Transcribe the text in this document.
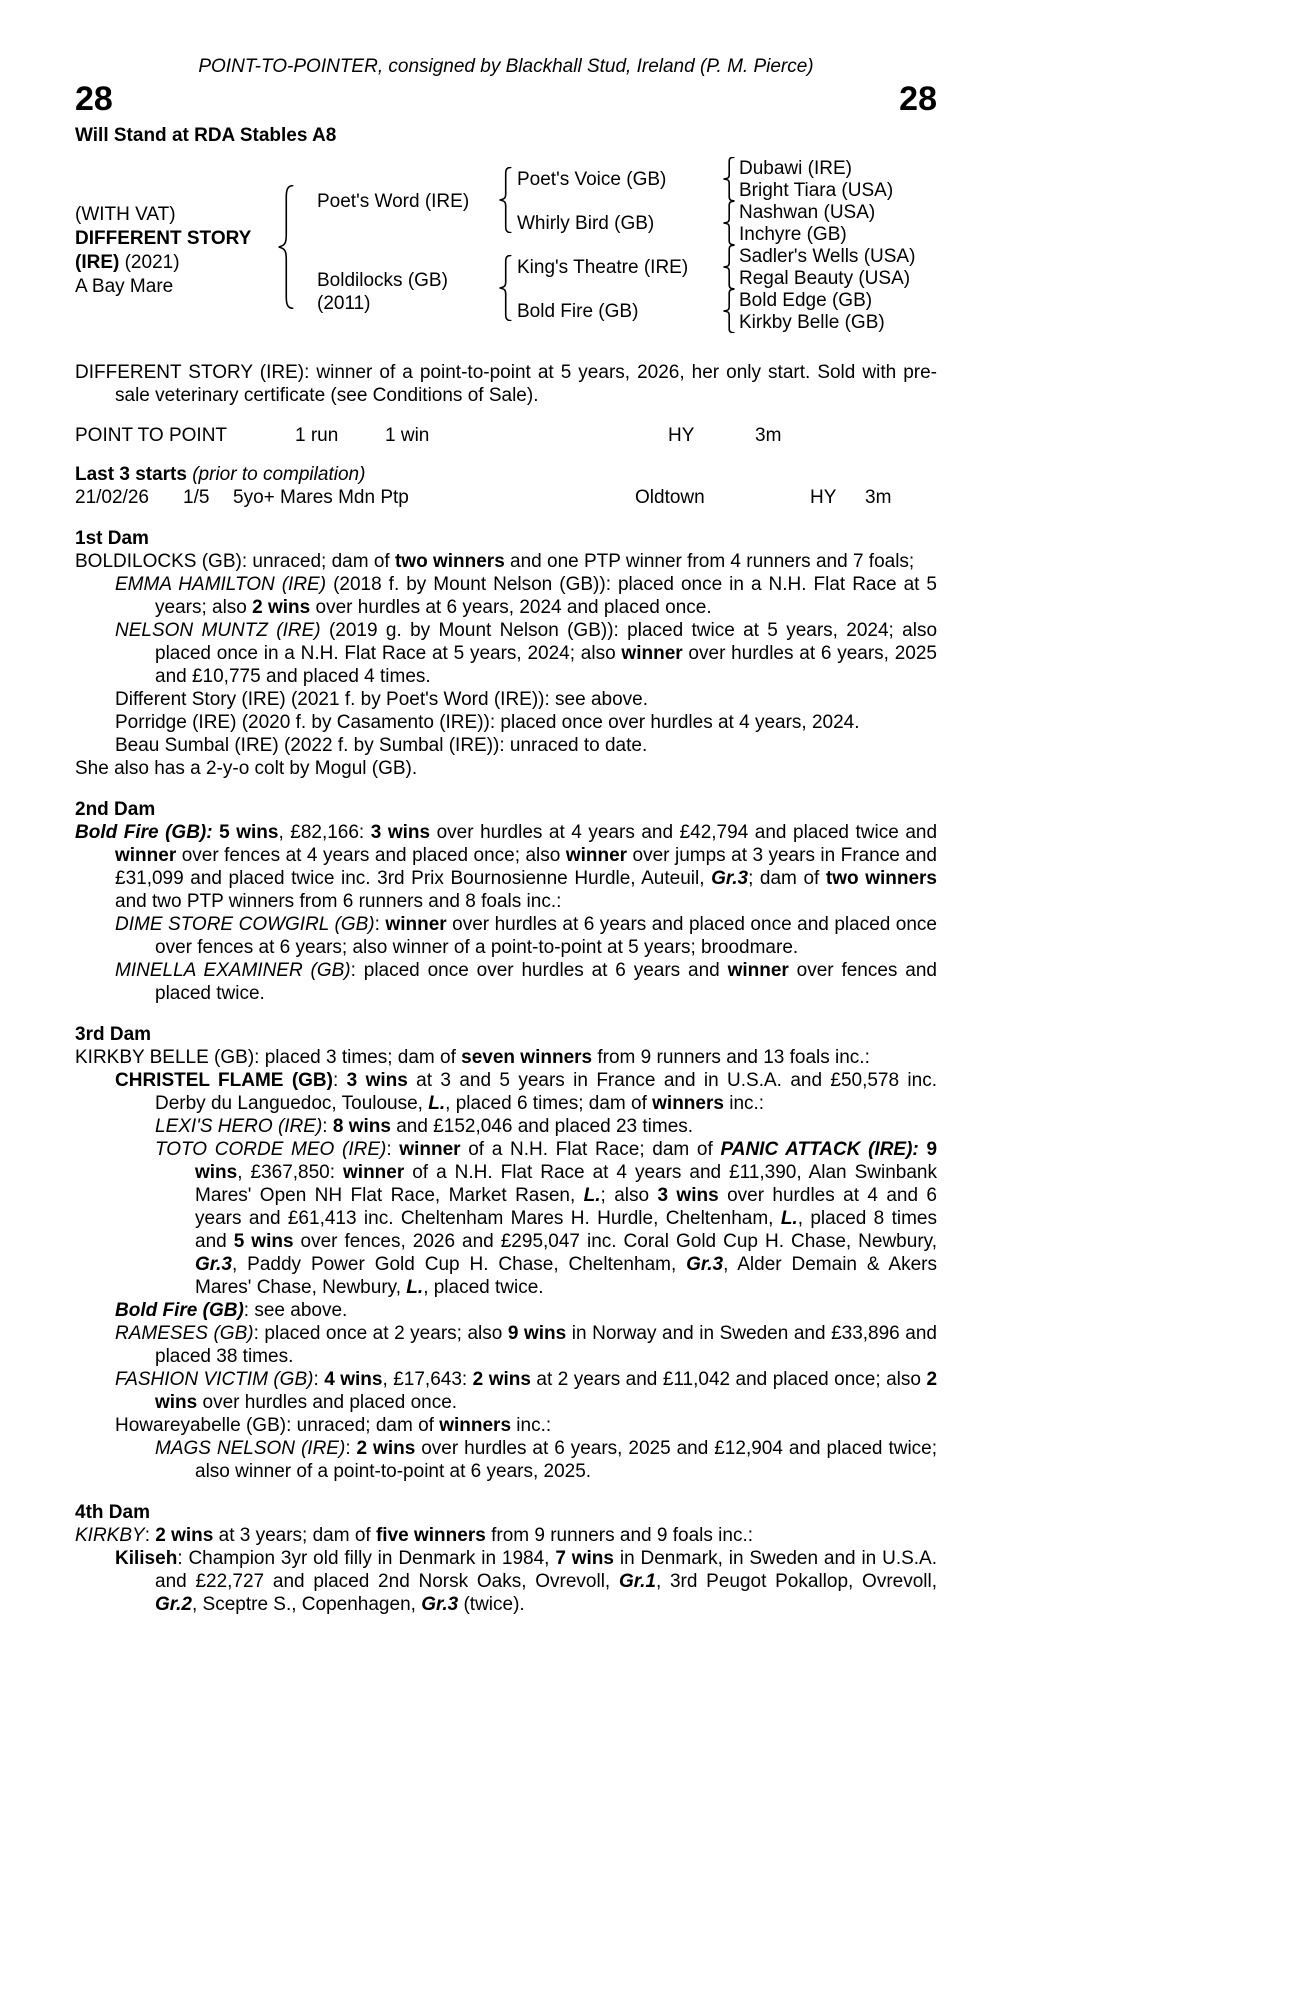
POINT-TO-POINTER, consigned by Blackhall Stud, Ireland (P. M. Pierce)
28	28
Will Stand at RDA Stables A8
(WITH VAT)
DIFFERENT STORY
(IRE) (2021)
A Bay Mare
Poet's Word (IRE)
Boldilocks (GB)
(2011)
Poet's Voice (GB)
Whirly Bird (GB)
King's Theatre (IRE)
Bold Fire (GB)
Dubawi (IRE)
Bright Tiara (USA)
Nashwan (USA)
Inchyre (GB)
Sadler's Wells (USA)
Regal Beauty (USA)
Bold Edge (GB)
Kirkby Belle (GB)
DIFFERENT STORY (IRE): winner of a point-to-point at 5 years, 2026, her only start. Sold with pre-sale veterinary certificate (see Conditions of Sale).
POINT TO POINT	1 run 1 win	HY	3m
Last 3 starts (prior to compilation)
21/02/26 1/5 5yo+ Mares Mdn Ptp	Oldtown	HY 3m
1st Dam
BOLDILOCKS (GB): unraced; dam of two winners and one PTP winner from 4 runners and 7 foals;
EMMA HAMILTON (IRE) (2018 f. by Mount Nelson (GB)): placed once in a N.H. Flat Race at 5 years; also 2 wins over hurdles at 6 years, 2024 and placed once.
NELSON MUNTZ (IRE) (2019 g. by Mount Nelson (GB)): placed twice at 5 years, 2024; also placed once in a N.H. Flat Race at 5 years, 2024; also winner over hurdles at 6 years, 2025 and £10,775 and placed 4 times.
Different Story (IRE) (2021 f. by Poet's Word (IRE)): see above.
Porridge (IRE) (2020 f. by Casamento (IRE)): placed once over hurdles at 4 years, 2024.
Beau Sumbal (IRE) (2022 f. by Sumbal (IRE)): unraced to date.
She also has a 2-y-o colt by Mogul (GB).
2nd Dam
Bold Fire (GB): 5 wins, £82,166: 3 wins over hurdles at 4 years and £42,794 and placed twice and winner over fences at 4 years and placed once; also winner over jumps at 3 years in France and £31,099 and placed twice inc. 3rd Prix Bournosienne Hurdle, Auteuil, Gr.3; dam of two winners and two PTP winners from 6 runners and 8 foals inc.:
DIME STORE COWGIRL (GB): winner over hurdles at 6 years and placed once and placed once over fences at 6 years; also winner of a point-to-point at 5 years; broodmare.
MINELLA EXAMINER (GB): placed once over hurdles at 6 years and winner over fences and placed twice.
3rd Dam
KIRKBY BELLE (GB): placed 3 times; dam of seven winners from 9 runners and 13 foals inc.:
CHRISTEL FLAME (GB): 3 wins at 3 and 5 years in France and in U.S.A. and £50,578 inc. Derby du Languedoc, Toulouse, L., placed 6 times; dam of winners inc.:
LEXI'S HERO (IRE): 8 wins and £152,046 and placed 23 times.
TOTO CORDE MEO (IRE): winner of a N.H. Flat Race; dam of PANIC ATTACK (IRE): 9 wins, £367,850: winner of a N.H. Flat Race at 4 years and £11,390, Alan Swinbank Mares' Open NH Flat Race, Market Rasen, L.; also 3 wins over hurdles at 4 and 6 years and £61,413 inc. Cheltenham Mares H. Hurdle, Cheltenham, L., placed 8 times and 5 wins over fences, 2026 and £295,047 inc. Coral Gold Cup H. Chase, Newbury, Gr.3, Paddy Power Gold Cup H. Chase, Cheltenham, Gr.3, Alder Demain & Akers Mares' Chase, Newbury, L., placed twice.
Bold Fire (GB): see above.
RAMESES (GB): placed once at 2 years; also 9 wins in Norway and in Sweden and £33,896 and placed 38 times.
FASHION VICTIM (GB): 4 wins, £17,643: 2 wins at 2 years and £11,042 and placed once; also 2 wins over hurdles and placed once.
Howareyabelle (GB): unraced; dam of winners inc.:
MAGS NELSON (IRE): 2 wins over hurdles at 6 years, 2025 and £12,904 and placed twice; also winner of a point-to-point at 6 years, 2025.
4th Dam
KIRKBY: 2 wins at 3 years; dam of five winners from 9 runners and 9 foals inc.:
Kiliseh: Champion 3yr old filly in Denmark in 1984, 7 wins in Denmark, in Sweden and in U.S.A. and £22,727 and placed 2nd Norsk Oaks, Ovrevoll, Gr.1, 3rd Peugot Pokallop, Ovrevoll, Gr.2, Sceptre S., Copenhagen, Gr.3 (twice).
